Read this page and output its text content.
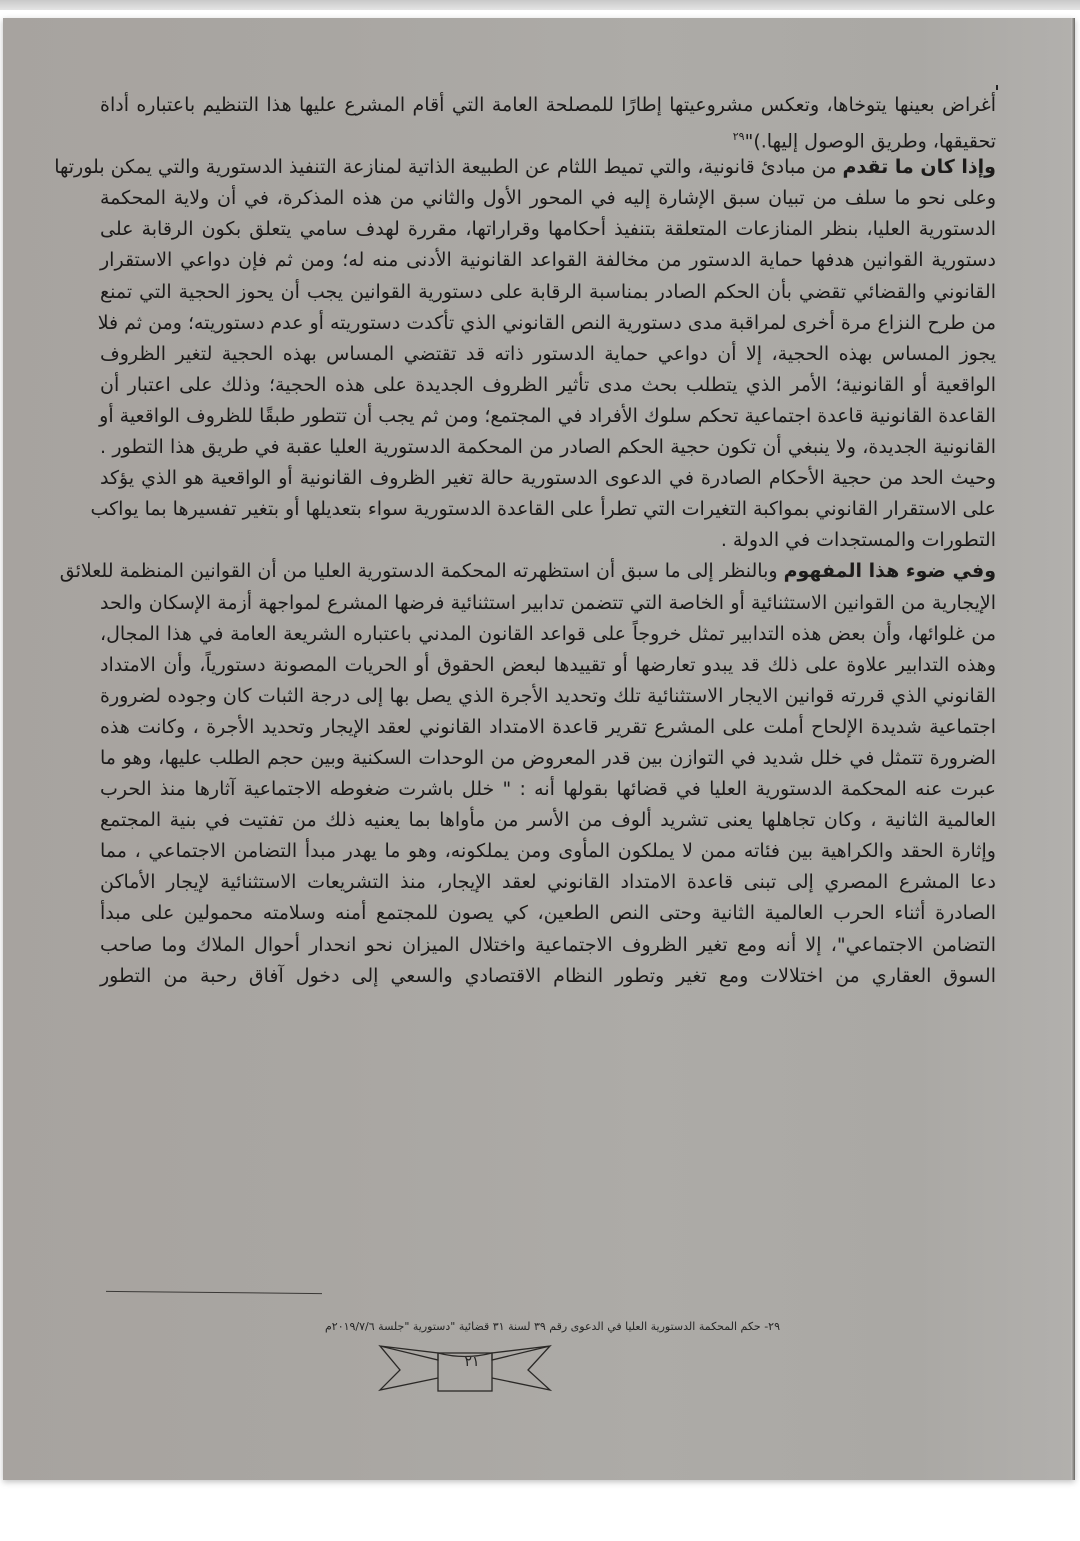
أغراض بعينها يتوخاها، وتعكس مشروعيتها إطارًا للمصلحة العامة التي أقام المشرع عليها هذا التنظيم باعتباره أداة
تحقيقها، وطريق الوصول إليها.)"$^{٢٩}$
وإذا كان ما تقدم من مبادئ قانونية، والتي تميط اللثام عن الطبيعة الذاتية لمنازعة التنفيذ الدستورية والتي يمكن بلورتها
وعلى نحو ما سلف من تبيان سبق الإشارة إليه في المحور الأول والثاني من هذه المذكرة، في أن ولاية المحكمة
الدستورية العليا، بنظر المنازعات المتعلقة بتنفيذ أحكامها وقراراتها، مقررة لهدف سامي يتعلق بكون الرقابة على
دستورية القوانين هدفها حماية الدستور من مخالفة القواعد القانونية الأدنى منه له؛ ومن ثم فإن دواعي الاستقرار
القانوني والقضائي تقضي بأن الحكم الصادر بمناسبة الرقابة على دستورية القوانين يجب أن يحوز الحجية التي تمنع
من طرح النزاع مرة أخرى لمراقبة مدى دستورية النص القانوني الذي تأكدت دستوريته أو عدم دستوريته؛ ومن ثم فلا
يجوز المساس بهذه الحجية، إلا أن دواعي حماية الدستور ذاته قد تقتضي المساس بهذه الحجية لتغير الظروف
الواقعية أو القانونية؛ الأمر الذي يتطلب بحث مدى تأثير الظروف الجديدة على هذه الحجية؛ وذلك على اعتبار أن
القاعدة القانونية قاعدة اجتماعية تحكم سلوك الأفراد في المجتمع؛ ومن ثم يجب أن تتطور طبقًا للظروف الواقعية أو
القانونية الجديدة، ولا ينبغي أن تكون حجية الحكم الصادر من المحكمة الدستورية العليا عقبة في طريق هذا التطور .
وحيث الحد من حجية الأحكام الصادرة في الدعوى الدستورية حالة تغير الظروف القانونية أو الواقعية هو الذي يؤكد
على الاستقرار القانوني بمواكبة التغيرات التي تطرأ على القاعدة الدستورية سواء بتعديلها أو بتغير تفسيرها بما يواكب
التطورات والمستجدات في الدولة .
وفي ضوء هذا المفهوم وبالنظر إلى ما سبق أن استظهرته المحكمة الدستورية العليا من أن القوانين المنظمة للعلائق
الإيجارية من القوانين الاستثنائية أو الخاصة التي تتضمن تدابير استثنائية فرضها المشرع لمواجهة أزمة الإسكان والحد
من غلوائها، وأن بعض هذه التدابير تمثل خروجاً على قواعد القانون المدني باعتباره الشريعة العامة في هذا المجال،
وهذه التدابير علاوة على ذلك قد يبدو تعارضها أو تقييدها لبعض الحقوق أو الحريات المصونة دستورياً، وأن الامتداد
القانوني الذي قررته قوانين الايجار الاستثنائية تلك وتحديد الأجرة الذي يصل بها إلى درجة الثبات كان وجوده لضرورة
اجتماعية شديدة الإلحاح أملت على المشرع تقرير قاعدة الامتداد القانوني لعقد الإيجار وتحديد الأجرة ، وكانت هذه
الضرورة تتمثل في خلل شديد في التوازن بين قدر المعروض من الوحدات السكنية وبين حجم الطلب عليها، وهو ما
عبرت عنه المحكمة الدستورية العليا في قضائها بقولها أنه : " خلل باشرت ضغوطه الاجتماعية آثارها منذ الحرب
العالمية الثانية ، وكان تجاهلها يعنى تشريد ألوف من الأسر من مأواها بما يعنيه ذلك من تفتيت في بنية المجتمع
وإثارة الحقد والكراهية بين فئاته ممن لا يملكون المأوى ومن يملكونه، وهو ما يهدر مبدأ التضامن الاجتماعي ، مما
دعا المشرع المصري إلى تبنى قاعدة الامتداد القانوني لعقد الإيجار، منذ التشريعات الاستثنائية لإيجار الأماكن
الصادرة أثناء الحرب العالمية الثانية وحتى النص الطعين، كي يصون للمجتمع أمنه وسلامته محمولين على مبدأ
التضامن الاجتماعي"، إلا أنه ومع تغير الظروف الاجتماعية واختلال الميزان نحو انحدار أحوال الملاك وما صاحب
السوق العقاري من اختلالات ومع تغير وتطور النظام الاقتصادي والسعي إلى دخول آفاق رحبة من التطور
٢٩- حكم المحكمة الدستورية العليا في الدعوى رقم ٣٩ لسنة ٣١ قضائية "دستورية "جلسة ٢٠١٩/٧/٦م
٢١
